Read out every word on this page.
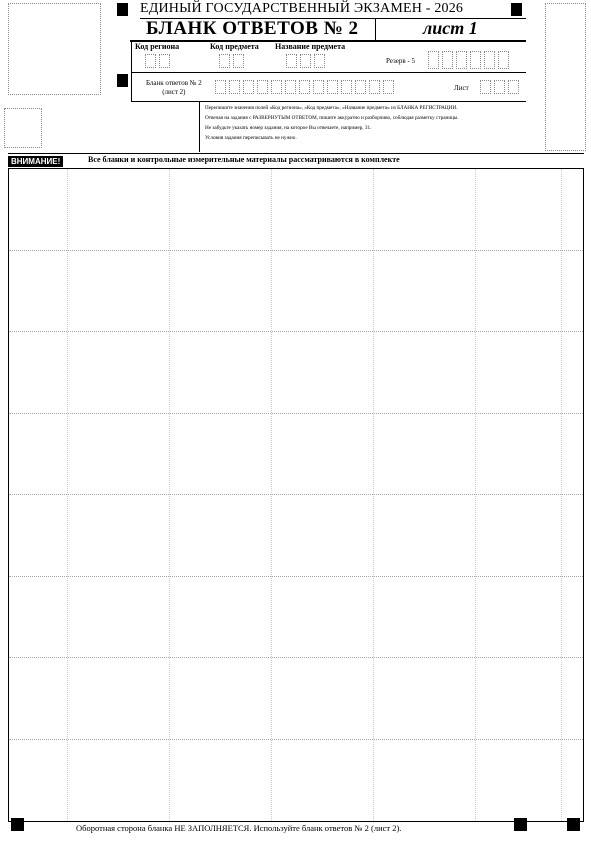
ЕДИНЫЙ ГОСУДАРСТВЕННЫЙ ЭКЗАМЕН - 2026
БЛАНК ОТВЕТОВ № 2	лист 1
Код региона	Код предмета Название предмета
Резерв - 5
Бланк ответов № 2
(лист 2)	Лист
Перепишите значения полей «Код региона», «Код предмета», «Название предмета» из БЛАНКА РЕГИСТРАЦИИ.
Отвечая на задания с РАЗВЕРНУТЫМ ОТВЕТОМ, пишите аккуратно и разборчиво, соблюдая разметку страницы.
Не забудьте указать номер задания, на которое Вы отвечаете, например, 31.
Условия задания переписывать не нужно.
ВНИМАНИЕ!	Все бланки и контрольные измерительные материалы рассматриваются в комплекте
Оборотная сторона бланка НЕ ЗАПОЛНЯЕТСЯ. Используйте бланк ответов № 2 (лист 2).
